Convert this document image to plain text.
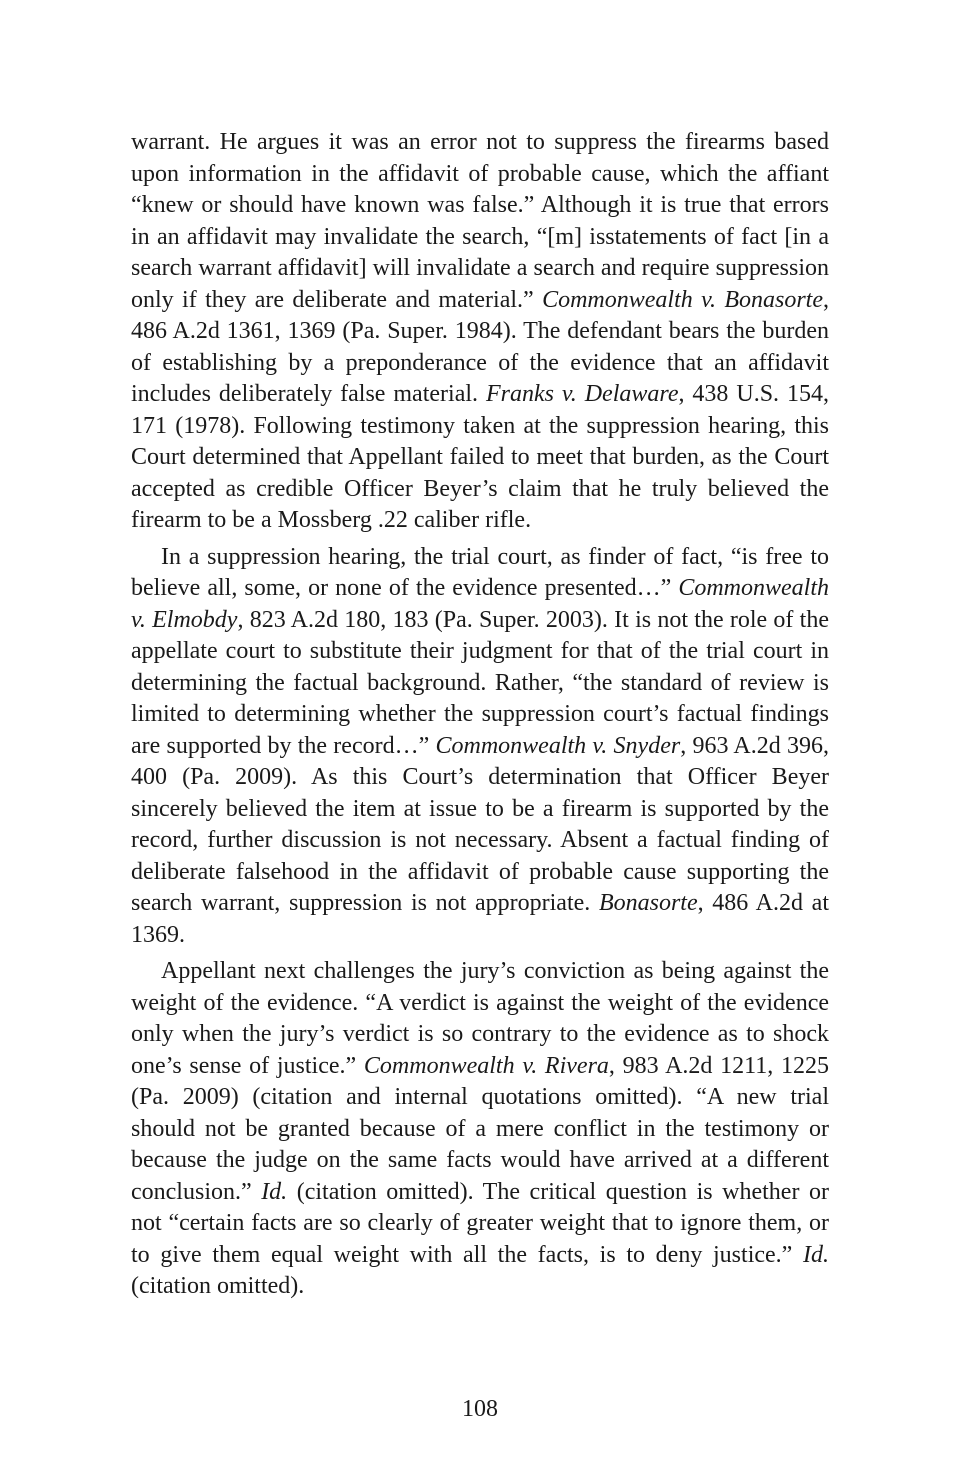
warrant. He argues it was an error not to suppress the firearms based upon information in the affidavit of probable cause, which the affiant “knew or should have known was false.” Although it is true that errors in an affidavit may invalidate the search, “[m] isstatements of fact [in a search warrant affidavit] will invalidate a search and require suppression only if they are deliberate and material.” Commonwealth v. Bonasorte, 486 A.2d 1361, 1369 (Pa. Super. 1984). The defendant bears the burden of establishing by a preponderance of the evidence that an affidavit includes deliberately false material. Franks v. Delaware, 438 U.S. 154, 171 (1978). Following testimony taken at the suppression hearing, this Court determined that Appellant failed to meet that burden, as the Court accepted as credible Officer Beyer’s claim that he truly believed the firearm to be a Mossberg .22 caliber rifle.

In a suppression hearing, the trial court, as finder of fact, “is free to believe all, some, or none of the evidence presented…” Commonwealth v. Elmobdy, 823 A.2d 180, 183 (Pa. Super. 2003). It is not the role of the appellate court to substitute their judgment for that of the trial court in determining the factual background. Rather, “the standard of review is limited to determining whether the suppression court’s factual findings are supported by the record…” Commonwealth v. Snyder, 963 A.2d 396, 400 (Pa. 2009). As this Court’s determination that Officer Beyer sincerely believed the item at issue to be a firearm is supported by the record, further discussion is not necessary. Absent a factual finding of deliberate falsehood in the affidavit of probable cause supporting the search warrant, suppression is not appropriate. Bonasorte, 486 A.2d at 1369.

Appellant next challenges the jury’s conviction as being against the weight of the evidence. “A verdict is against the weight of the evidence only when the jury’s verdict is so contrary to the evidence as to shock one’s sense of justice.” Commonwealth v. Rivera, 983 A.2d 1211, 1225 (Pa. 2009) (citation and internal quotations omitted). “A new trial should not be granted because of a mere conflict in the testimony or because the judge on the same facts would have arrived at a different conclusion.” Id. (citation omitted). The critical question is whether or not “certain facts are so clearly of greater weight that to ignore them, or to give them equal weight with all the facts, is to deny justice.” Id. (citation omitted).

108
